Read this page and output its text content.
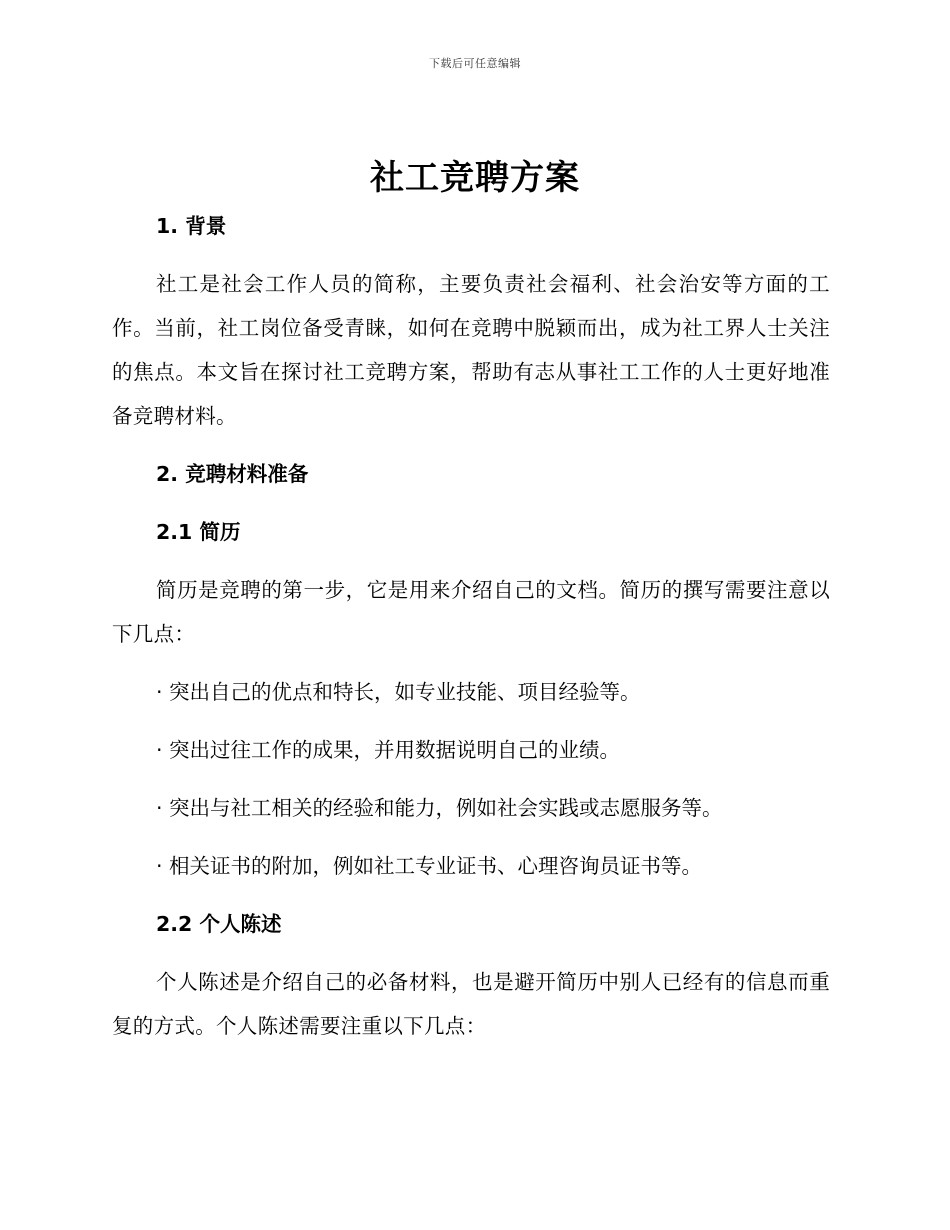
下载后可任意编辑
社工竞聘方案

1. 背景

社工是社会工作人员的简称，主要负责社会福利、社会治安等方面的工作。当前，社工岗位备受青睐，如何在竞聘中脱颖而出，成为社工界人士关注的焦点。本文旨在探讨社工竞聘方案，帮助有志从事社工工作的人士更好地准备竞聘材料。

2. 竞聘材料准备

2.1 简历

简历是竞聘的第一步，它是用来介绍自己的文档。简历的撰写需要注意以下几点：

· 突出自己的优点和特长，如专业技能、项目经验等。

· 突出过往工作的成果，并用数据说明自己的业绩。

· 突出与社工相关的经验和能力，例如社会实践或志愿服务等。

· 相关证书的附加，例如社工专业证书、心理咨询员证书等。

2.2 个人陈述

个人陈述是介绍自己的必备材料，也是避开简历中别人已经有的信息而重复的方式。个人陈述需要注重以下几点：
